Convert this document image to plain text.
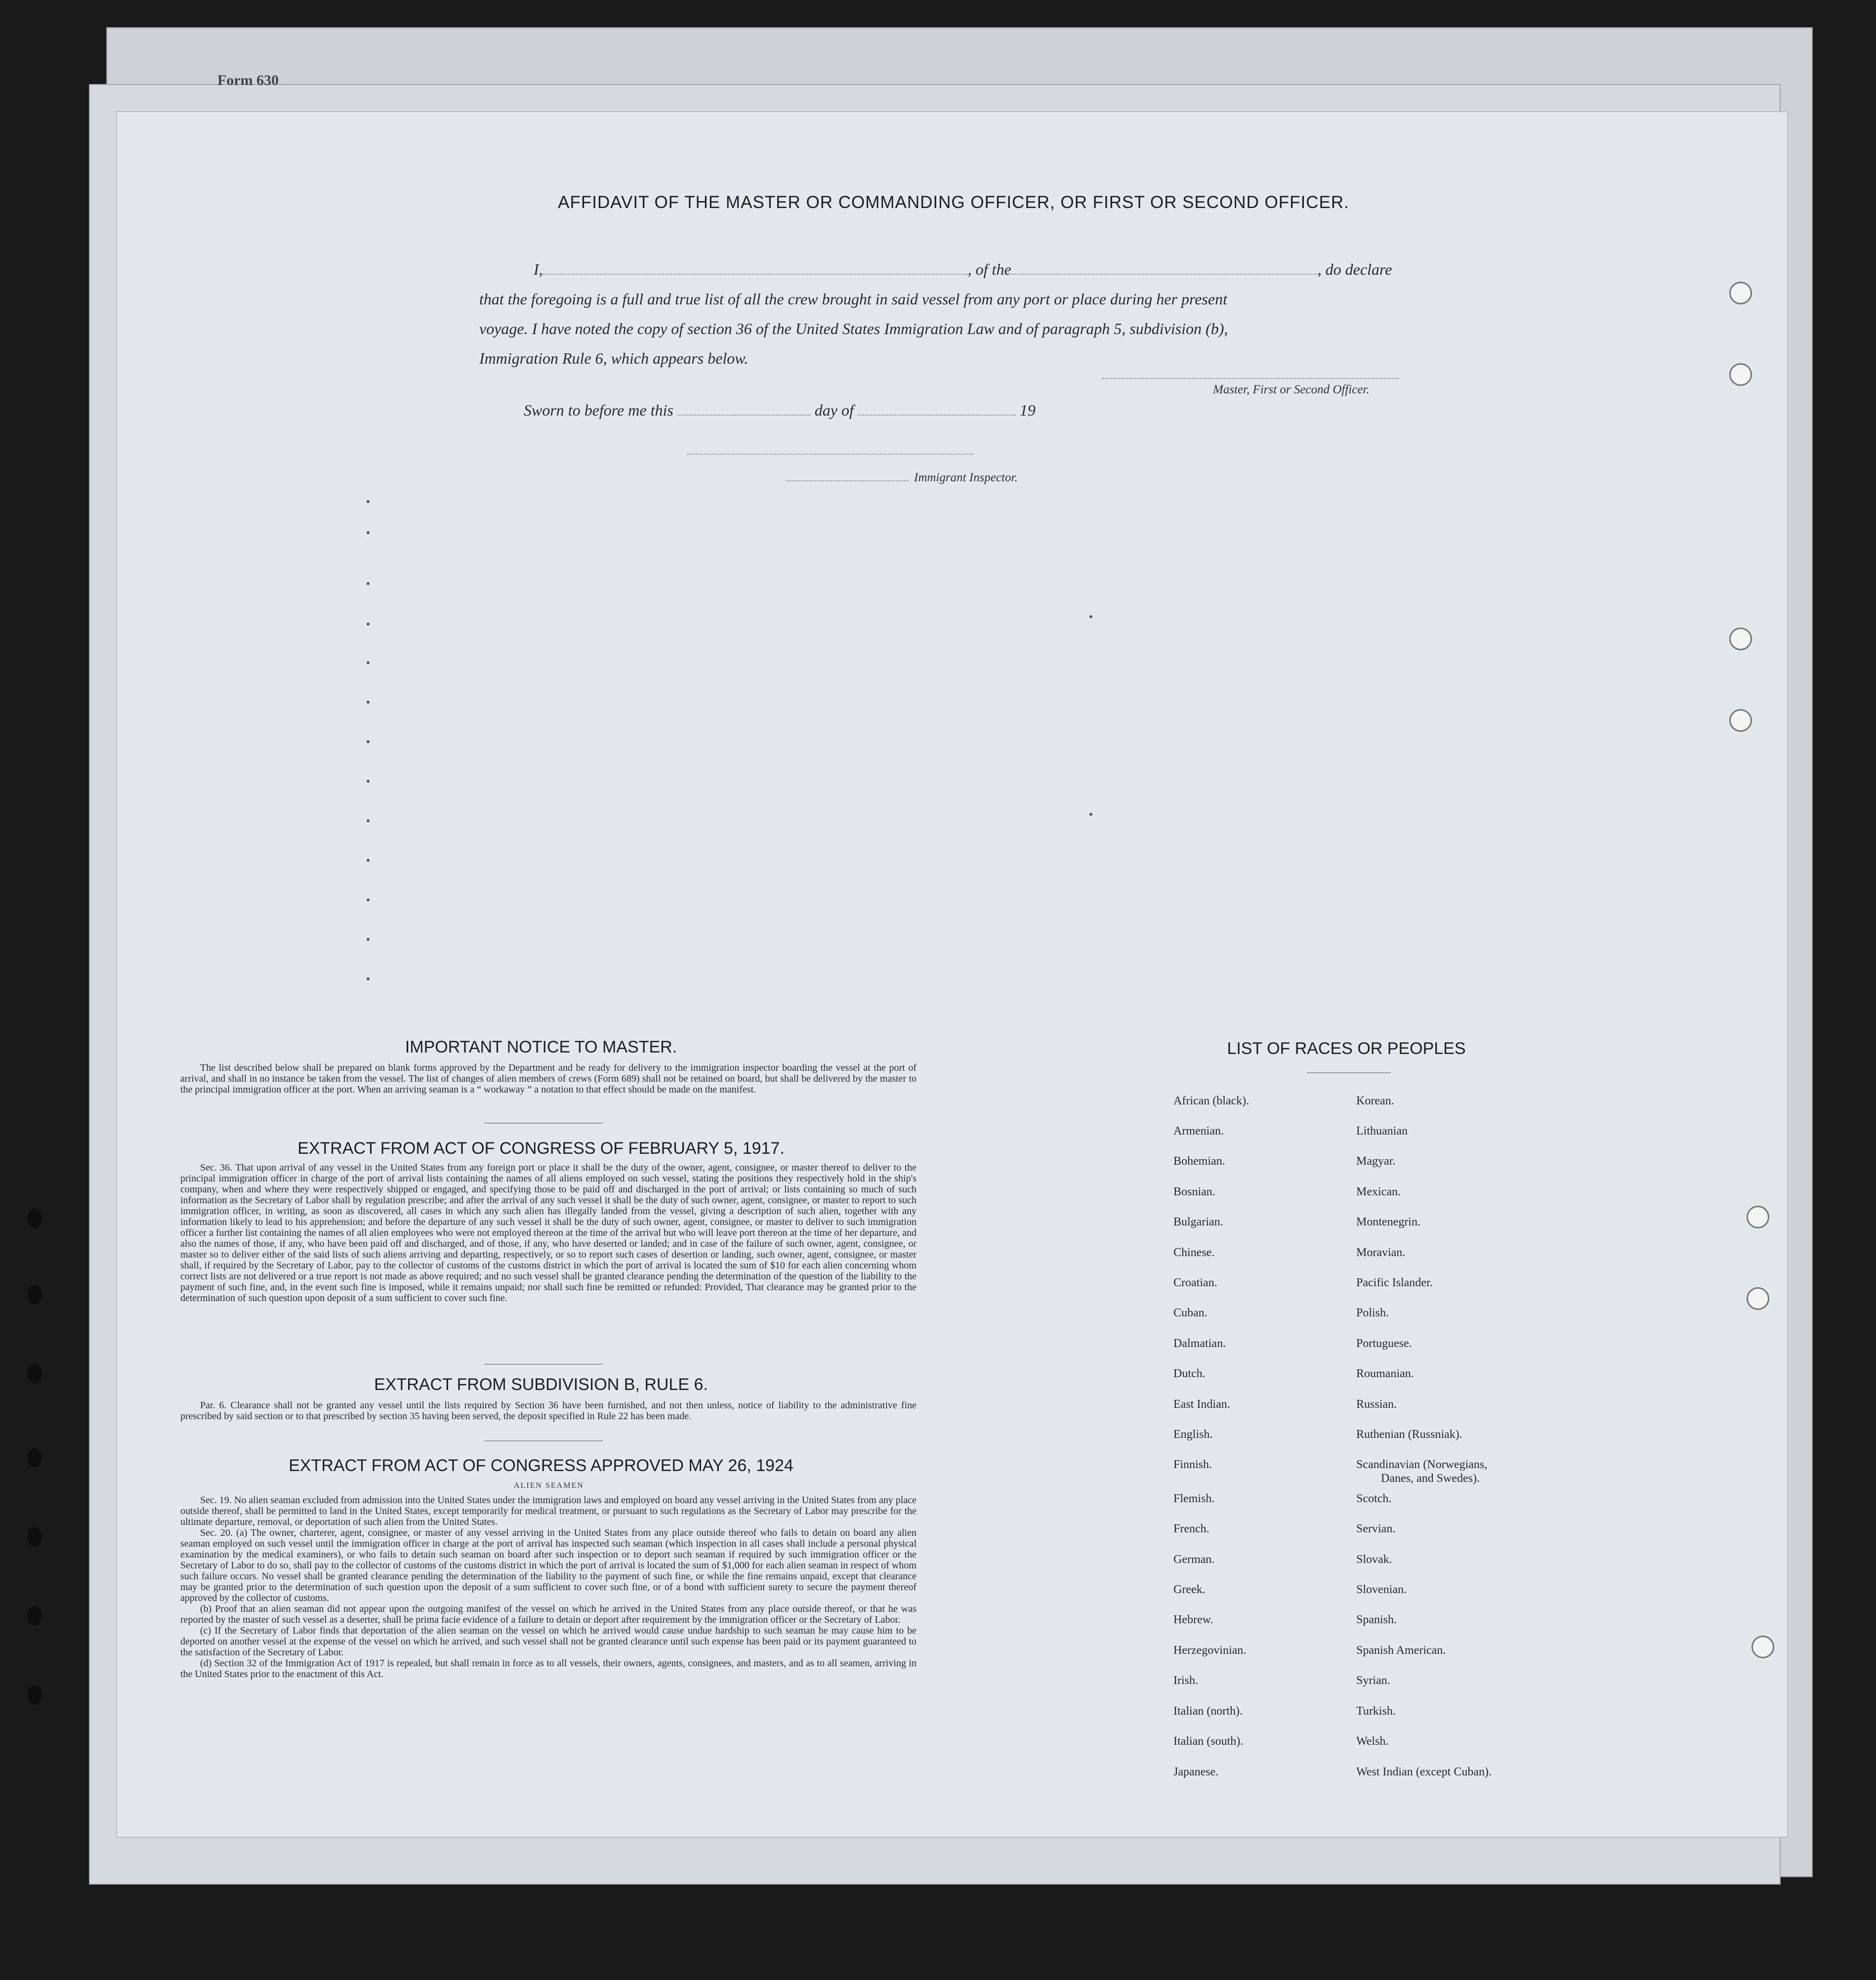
Form 630
AFFIDAVIT OF THE MASTER OR COMMANDING OFFICER, OR FIRST OR SECOND OFFICER.
I,	, of the	, do declare
that the foregoing is a full and true list of all the crew brought in said vessel from any port or place during her present
voyage. I have noted the copy of section 36 of the United States Immigration Law and of paragraph 5, subdivision (b),
Immigration Rule 6, which appears below.
Master, First or Second Officer.
Sworn to before me this	day of	19
Immigrant Inspector.
IMPORTANT NOTICE TO MASTER.

The list described below shall be prepared on blank forms approved by the Department and be ready for delivery to the immigration inspector boarding the vessel at the port of arrival, and shall in no instance be taken from the vessel. The list of changes of alien members of crews (Form 689) shall not be retained on board, but shall be delivered by the master to the principal immigration officer at the port. When an arriving seaman is a “ workaway ” a notation to that effect should be made on the manifest.

EXTRACT FROM ACT OF CONGRESS OF FEBRUARY 5, 1917.

Sec. 36. That upon arrival of any vessel in the United States from any foreign port or place it shall be the duty of the owner, agent, consignee, or master thereof to deliver to the principal immigration officer in charge of the port of arrival lists containing the names of all aliens employed on such vessel, stating the positions they respectively hold in the ship's company, when and where they were respectively shipped or engaged, and specifying those to be paid off and discharged in the port of arrival; or lists containing so much of such information as the Secretary of Labor shall by regulation prescribe; and after the arrival of any such vessel it shall be the duty of such owner, agent, consignee, or master to report to such immigration officer, in writing, as soon as discovered, all cases in which any such alien has illegally landed from the vessel, giving a description of such alien, together with any information likely to lead to his apprehension; and before the departure of any such vessel it shall be the duty of such owner, agent, consignee, or master to deliver to such immigration officer a further list containing the names of all alien employees who were not employed thereon at the time of the arrival but who will leave port thereon at the time of her departure, and also the names of those, if any, who have been paid off and discharged, and of those, if any, who have deserted or landed; and in case of the failure of such owner, agent, consignee, or master so to deliver either of the said lists of such aliens arriving and departing, respectively, or so to report such cases of desertion or landing, such owner, agent, consignee, or master shall, if required by the Secretary of Labor, pay to the collector of customs of the customs district in which the port of arrival is located the sum of $10 for each alien concerning whom correct lists are not delivered or a true report is not made as above required; and no such vessel shall be granted clearance pending the determination of the question of the liability to the payment of such fine, and, in the event such fine is imposed, while it remains unpaid; nor shall such fine be remitted or refunded: Provided, That clearance may be granted prior to the determination of such question upon deposit of a sum sufficient to cover such fine.

EXTRACT FROM SUBDIVISION B, RULE 6.

Par. 6. Clearance shall not be granted any vessel until the lists required by Section 36 have been furnished, and not then unless, notice of liability to the administrative fine prescribed by said section or to that prescribed by section 35 having been served, the deposit specified in Rule 22 has been made.

EXTRACT FROM ACT OF CONGRESS APPROVED MAY 26, 1924
ALIEN SEAMEN

Sec. 19. No alien seaman excluded from admission into the United States under the immigration laws and employed on board any vessel arriving in the United States from any place outside thereof, shall be permitted to land in the United States, except temporarily for medical treatment, or pursuant to such regulations as the Secretary of Labor may prescribe for the ultimate departure, removal, or deportation of such alien from the United States.

Sec. 20. (a) The owner, charterer, agent, consignee, or master of any vessel arriving in the United States from any place outside thereof who fails to detain on board any alien seaman employed on such vessel until the immigration officer in charge at the port of arrival has inspected such seaman (which inspection in all cases shall include a personal physical examination by the medical examiners), or who fails to detain such seaman on board after such inspection or to deport such seaman if required by such immigration officer or the Secretary of Labor to do so, shall pay to the collector of customs of the customs district in which the port of arrival is located the sum of $1,000 for each alien seaman in respect of whom such failure occurs. No vessel shall be granted clearance pending the determination of the liability to the payment of such fine, or while the fine remains unpaid, except that clearance may be granted prior to the determination of such question upon the deposit of a sum sufficient to cover such fine, or of a bond with sufficient surety to secure the payment thereof approved by the collector of customs.

(b) Proof that an alien seaman did not appear upon the outgoing manifest of the vessel on which he arrived in the United States from any place outside thereof, or that he was reported by the master of such vessel as a deserter, shall be prima facie evidence of a failure to detain or deport after requirement by the immigration officer or the Secretary of Labor.

(c) If the Secretary of Labor finds that deportation of the alien seaman on the vessel on which he arrived would cause undue hardship to such seaman he may cause him to be deported on another vessel at the expense of the vessel on which he arrived, and such vessel shall not be granted clearance until such expense has been paid or its payment guaranteed to the satisfaction of the Secretary of Labor.

(d) Section 32 of the Immigration Act of 1917 is repealed, but shall remain in force as to all vessels, their owners, agents, consignees, and masters, and as to all seamen, arriving in the United States prior to the enactment of this Act.

LIST OF RACES OR PEOPLES
African (black).
Armenian.
Bohemian.
Bosnian.
Bulgarian.
Chinese.
Croatian.
Cuban.
Dalmatian.
Dutch.
East Indian.
English.
Finnish.
Flemish.
French.
German.
Greek.
Hebrew.
Herzegovinian.
Irish.
Italian (north).
Italian (south).
Japanese.
Korean.
Lithuanian
Magyar.
Mexican.
Montenegrin.
Moravian.
Pacific Islander.
Polish.
Portuguese.
Roumanian.
Russian.
Ruthenian (Russniak).
Scandinavian (Norwegians,
Danes, and Swedes).
Scotch.
Servian.
Slovak.
Slovenian.
Spanish.
Spanish American.
Syrian.
Turkish.
Welsh.
West Indian (except Cuban).
